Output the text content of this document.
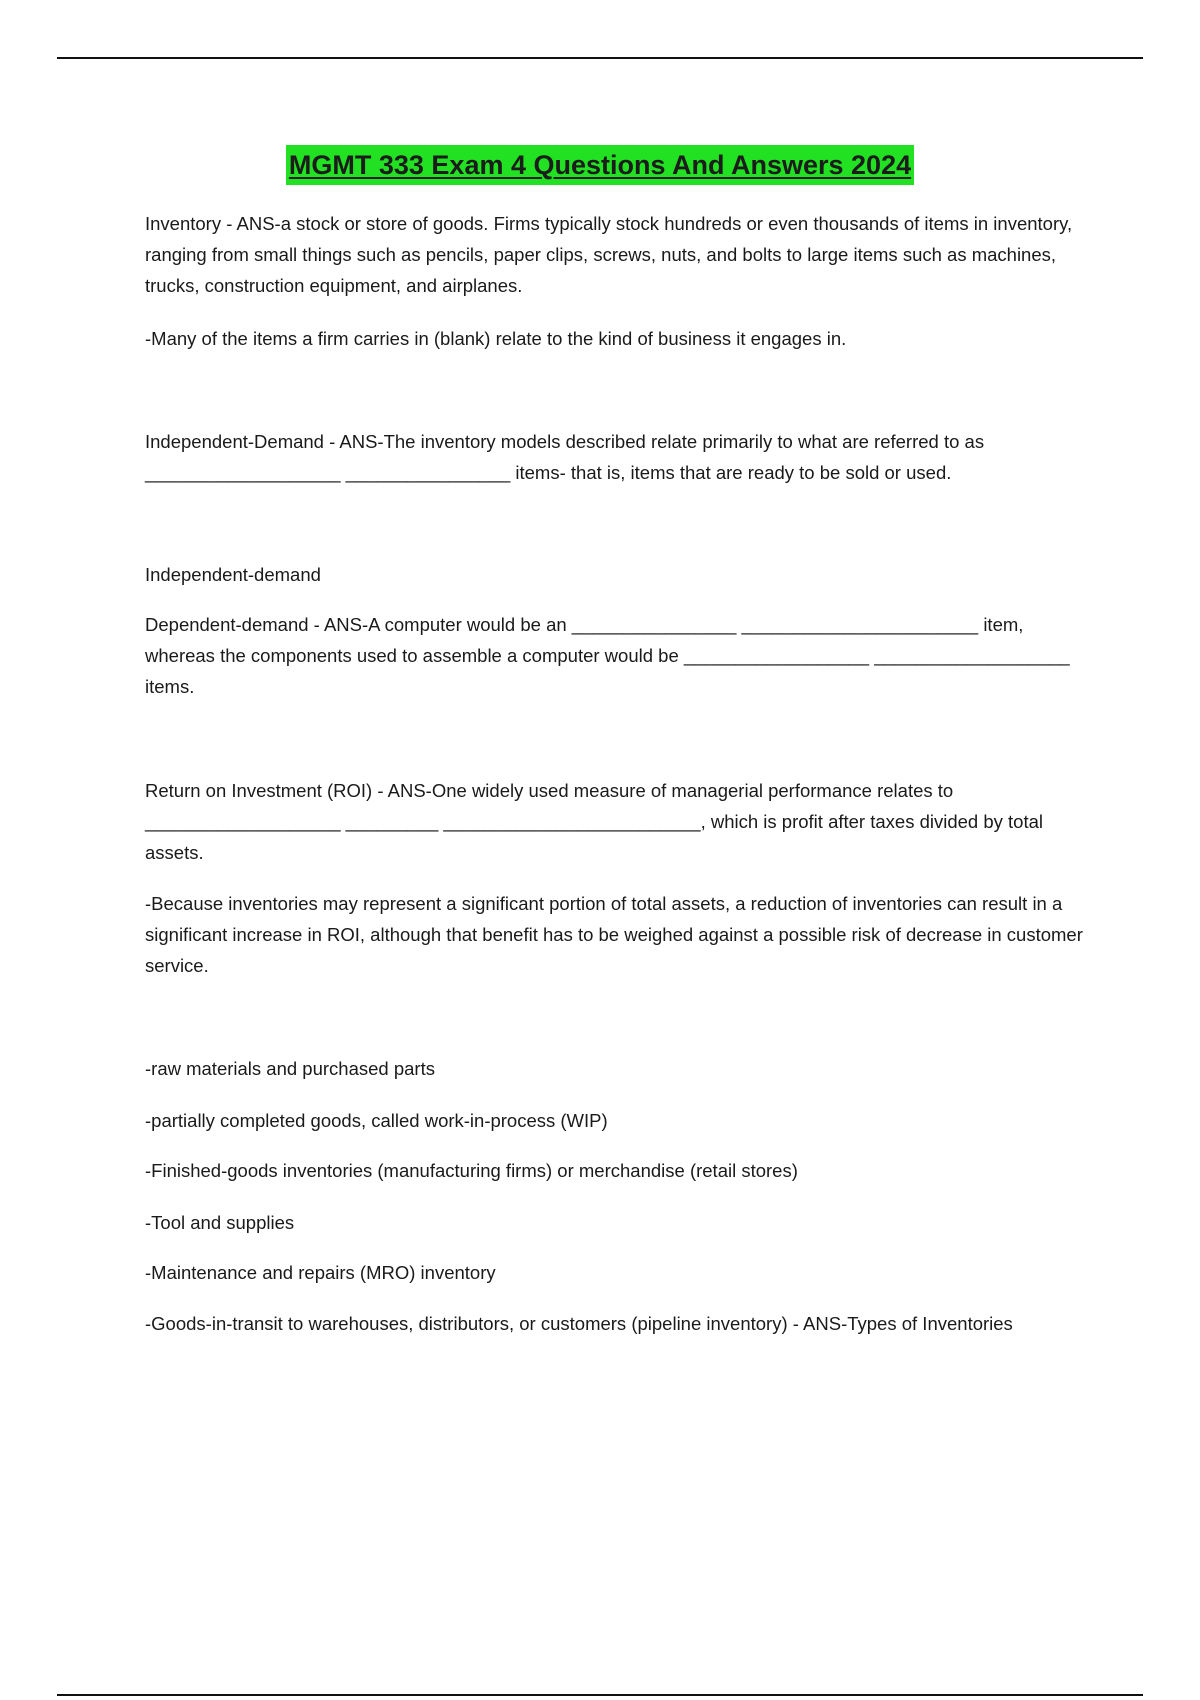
MGMT 333 Exam 4 Questions And Answers 2024

Inventory - ANS-a stock or store of goods. Firms typically stock hundreds or even thousands of items in inventory, ranging from small things such as pencils, paper clips, screws, nuts, and bolts to large items such as machines, trucks, construction equipment, and airplanes.

-Many of the items a firm carries in (blank) relate to the kind of business it engages in.

Independent-Demand - ANS-The inventory models described relate primarily to what are referred to as ___________________ ________________ items- that is, items that are ready to be sold or used.

Independent-demand

Dependent-demand - ANS-A computer would be an ________________ _______________________ item, whereas the components used to assemble a computer would be __________________ ___________________ items.

Return on Investment (ROI) - ANS-One widely used measure of managerial performance relates to ___________________ _________ _________________________, which is profit after taxes divided by total assets.

-Because inventories may represent a significant portion of total assets, a reduction of inventories can result in a significant increase in ROI, although that benefit has to be weighed against a possible risk of decrease in customer service.

-raw materials and purchased parts

-partially completed goods, called work-in-process (WIP)

-Finished-goods inventories (manufacturing firms) or merchandise (retail stores)

-Tool and supplies

-Maintenance and repairs (MRO) inventory

-Goods-in-transit to warehouses, distributors, or customers (pipeline inventory) - ANS-Types of Inventories
